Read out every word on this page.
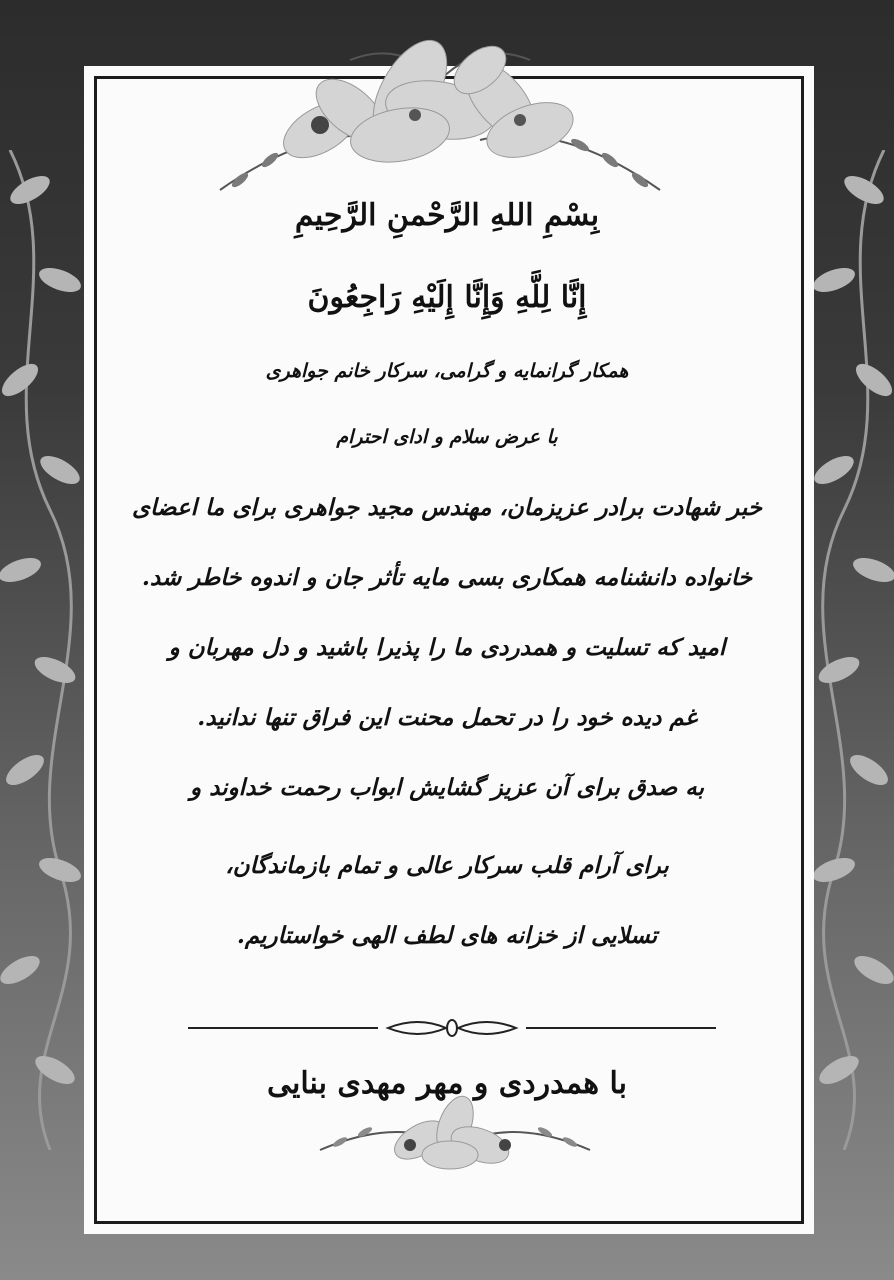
بِسْمِ اللهِ الرَّحْمنِ الرَّحِيمِ
إِنَّا لِلَّهِ وَإِنَّا إِلَيْهِ رَاجِعُونَ
همکار گرانمایه و گرامی، سرکار خانم جواهری
با عرض سلام و ادای احترام
خبر شهادت برادر عزیزمان، مهندس مجید جواهری برای ما اعضای
خانواده دانشنامه همکاری بسی مایه تأثر جان و اندوه خاطر شد.
امید که تسلیت و همدردی ما را پذیرا باشید و دل مهربان و
غم دیده خود را در تحمل محنت این فراق تنها ندانید.
به صدق برای آن عزیز گشایش ابواب رحمت خداوند و
برای آرام قلب سرکار عالی و تمام بازماندگان،
تسلایی از خزانه های لطف الهی خواستاریم.
با همدردی و مهر مهدی بنایی
